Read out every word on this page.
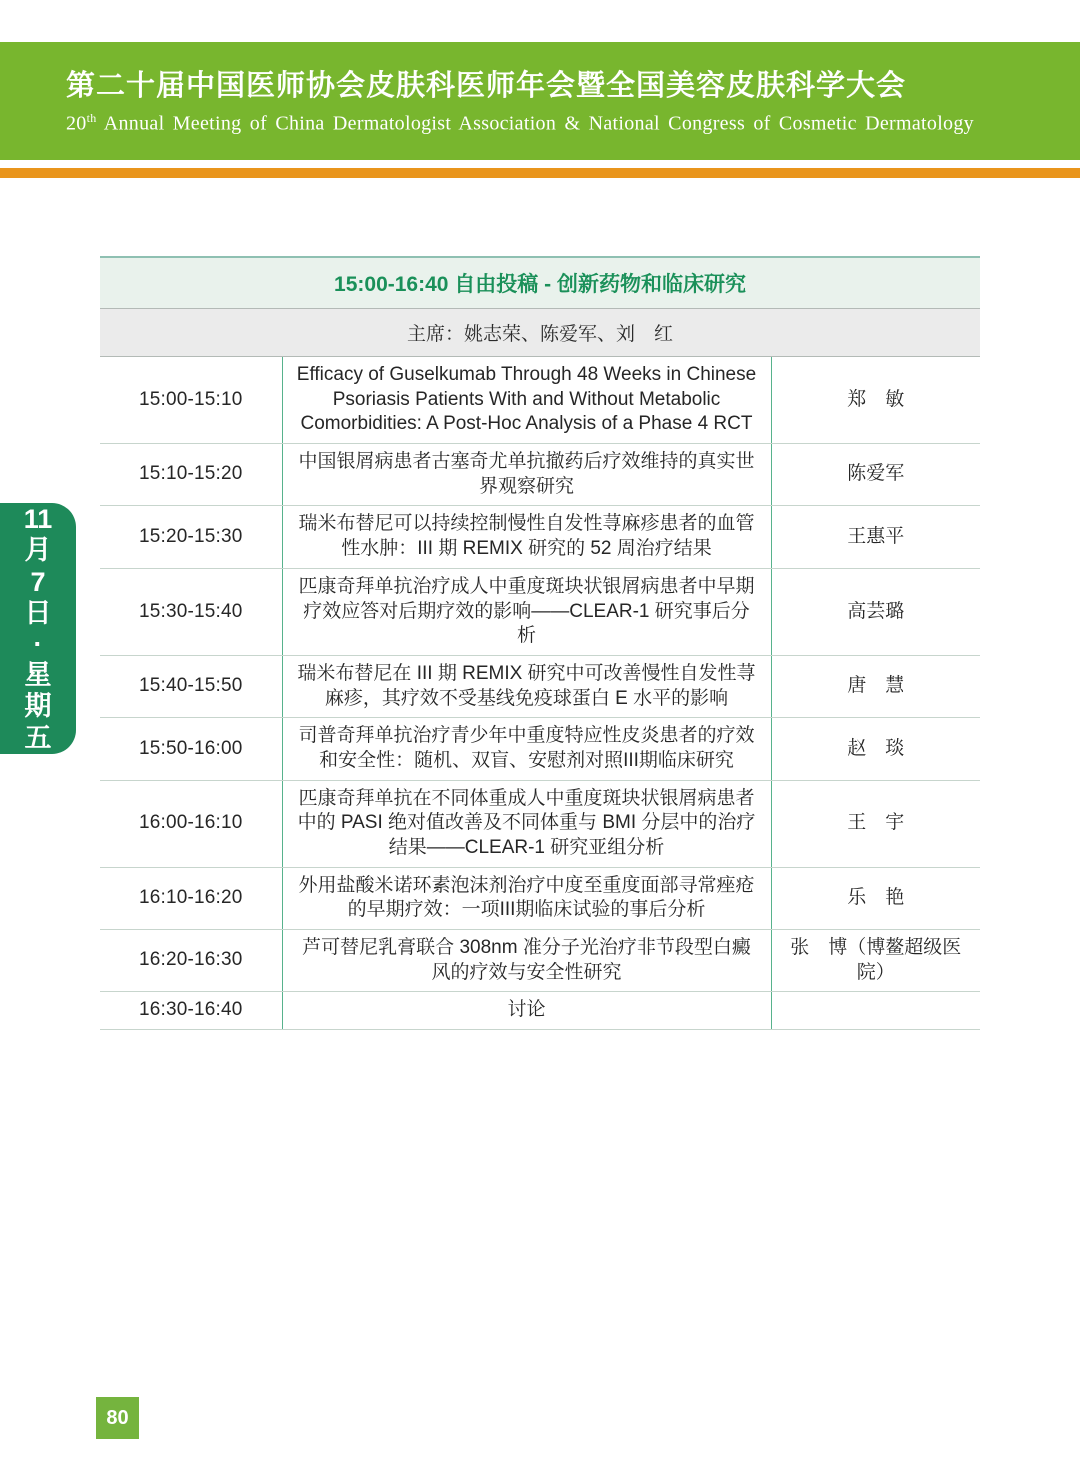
第二十届中国医师协会皮肤科医师年会暨全国美容皮肤科学大会
20th Annual Meeting of China Dermatologist Association & National Congress of Cosmetic Dermatology
11
月
7
日
·
星
期
五
15:00-16:40 自由投稿 - 创新药物和临床研究		
主席：姚志荣、陈爱军、刘　红		
15:00-15:10	Efficacy of Guselkumab Through 48 Weeks in Chinese Psoriasis Patients With and Without Metabolic Comorbidities: A Post-Hoc Analysis of a Phase 4 RCT	郑　敏
15:10-15:20	中国银屑病患者古塞奇尤单抗撤药后疗效维持的真实世界观察研究	陈爱军
15:20-15:30	瑞米布替尼可以持续控制慢性自发性荨麻疹患者的血管性水肿：III 期 REMIX 研究的 52 周治疗结果	王惠平
15:30-15:40	匹康奇拜单抗治疗成人中重度斑块状银屑病患者中早期疗效应答对后期疗效的影响——CLEAR-1 研究事后分析	高芸璐
15:40-15:50	瑞米布替尼在 III 期 REMIX 研究中可改善慢性自发性荨麻疹，其疗效不受基线免疫球蛋白 E 水平的影响	唐　慧
15:50-16:00	司普奇拜单抗治疗青少年中重度特应性皮炎患者的疗效和安全性：随机、双盲、安慰剂对照III期临床研究	赵　琰
16:00-16:10	匹康奇拜单抗在不同体重成人中重度斑块状银屑病患者中的 PASI 绝对值改善及不同体重与 BMI 分层中的治疗结果——CLEAR-1 研究亚组分析	王　宇
16:10-16:20	外用盐酸米诺环素泡沫剂治疗中度至重度面部寻常痤疮的早期疗效：一项III期临床试验的事后分析	乐　艳
16:20-16:30	芦可替尼乳膏联合 308nm 准分子光治疗非节段型白癜风的疗效与安全性研究	张　博（博鳌超级医院）
16:30-16:40	讨论	
80
